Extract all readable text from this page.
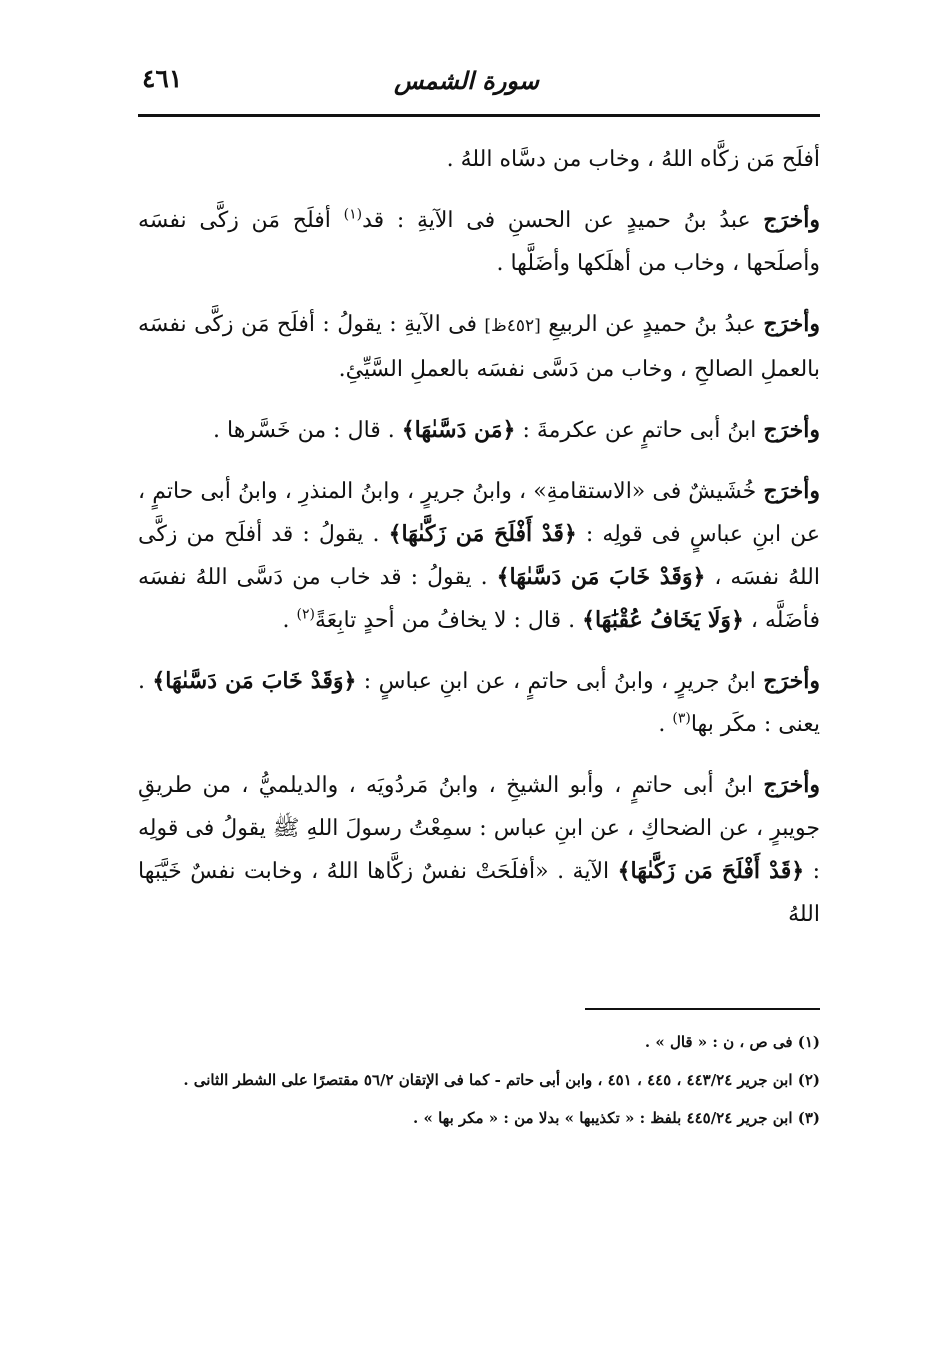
سورة الشمس
٤٦١

أفلَح مَن زكَّاه اللهُ ، وخاب من دسَّاه اللهُ .

وأخرَج عبدُ بنُ حميدٍ عن الحسنِ فى الآيةِ : قد$^{(١)}$ أفلَح مَن زكَّى نفسَه وأصلَحها ، وخاب من أهلَكها وأضَلَّها .

وأخرَج عبدُ بنُ حميدٍ عن الربيعِ [٤٥٢ظ] فى الآيةِ : يقولُ : أفلَح مَن زكَّى نفسَه بالعملِ الصالحِ ، وخاب من دَسَّى نفسَه بالعملِ السَّيِّئِ.

وأخرَج ابنُ أبى حاتمٍ عن عكرمةَ : ﴿مَن دَسَّىٰهَا﴾ . قال : من خَسَّرها .

وأخرَج خُشَيشٌ فى «الاستقامةِ» ، وابنُ جريرٍ ، وابنُ المنذرِ ، وابنُ أبى حاتمٍ ، عن ابنِ عباسٍ فى قولِه : ﴿قَدْ أَفْلَحَ مَن زَكَّىٰهَا﴾ . يقولُ : قد أفلَح من زكَّى اللهُ نفسَه ، ﴿وَقَدْ خَابَ مَن دَسَّىٰهَا﴾ . يقولُ : قد خاب من دَسَّى اللهُ نفسَه فأضَلَّه ، ﴿وَلَا يَخَافُ عُقْبَٰهَا﴾ . قال : لا يخافُ من أحدٍ تابِعَةً$^{(٢)}$ .

وأخرَج ابنُ جريرٍ ، وابنُ أبى حاتمٍ ، عن ابنِ عباسٍ : ﴿وَقَدْ خَابَ مَن دَسَّىٰهَا﴾ . يعنى : مكَر بها$^{(٣)}$ .

وأخرَج ابنُ أبى حاتمٍ ، وأبو الشيخِ ، وابنُ مَردُويَه ، والديلميُّ ، من طريقِ جويبرٍ ، عن الضحاكِ ، عن ابنِ عباس : سمِعْتُ رسولَ اللهِ ﷺ يقولُ فى قولِه : ﴿قَدْ أَفْلَحَ مَن زَكَّىٰهَا﴾ الآية . «أفلَحَتْ نفسٌ زكَّاها اللهُ ، وخابت نفسٌ خَيَّبَها اللهُ

(١) فى ص ، ن : « قال » .

(٢) ابن جرير ٤٤٣/٢٤ ، ٤٤٥ ، ٤٥١ ، وابن أبى حاتم - كما فى الإتقان ٥٦/٢ مقتصرًا على الشطر الثانى .

(٣) ابن جرير ٤٤٥/٢٤ بلفظ : « تكذيبها » بدلا من : « مكر بها » .
